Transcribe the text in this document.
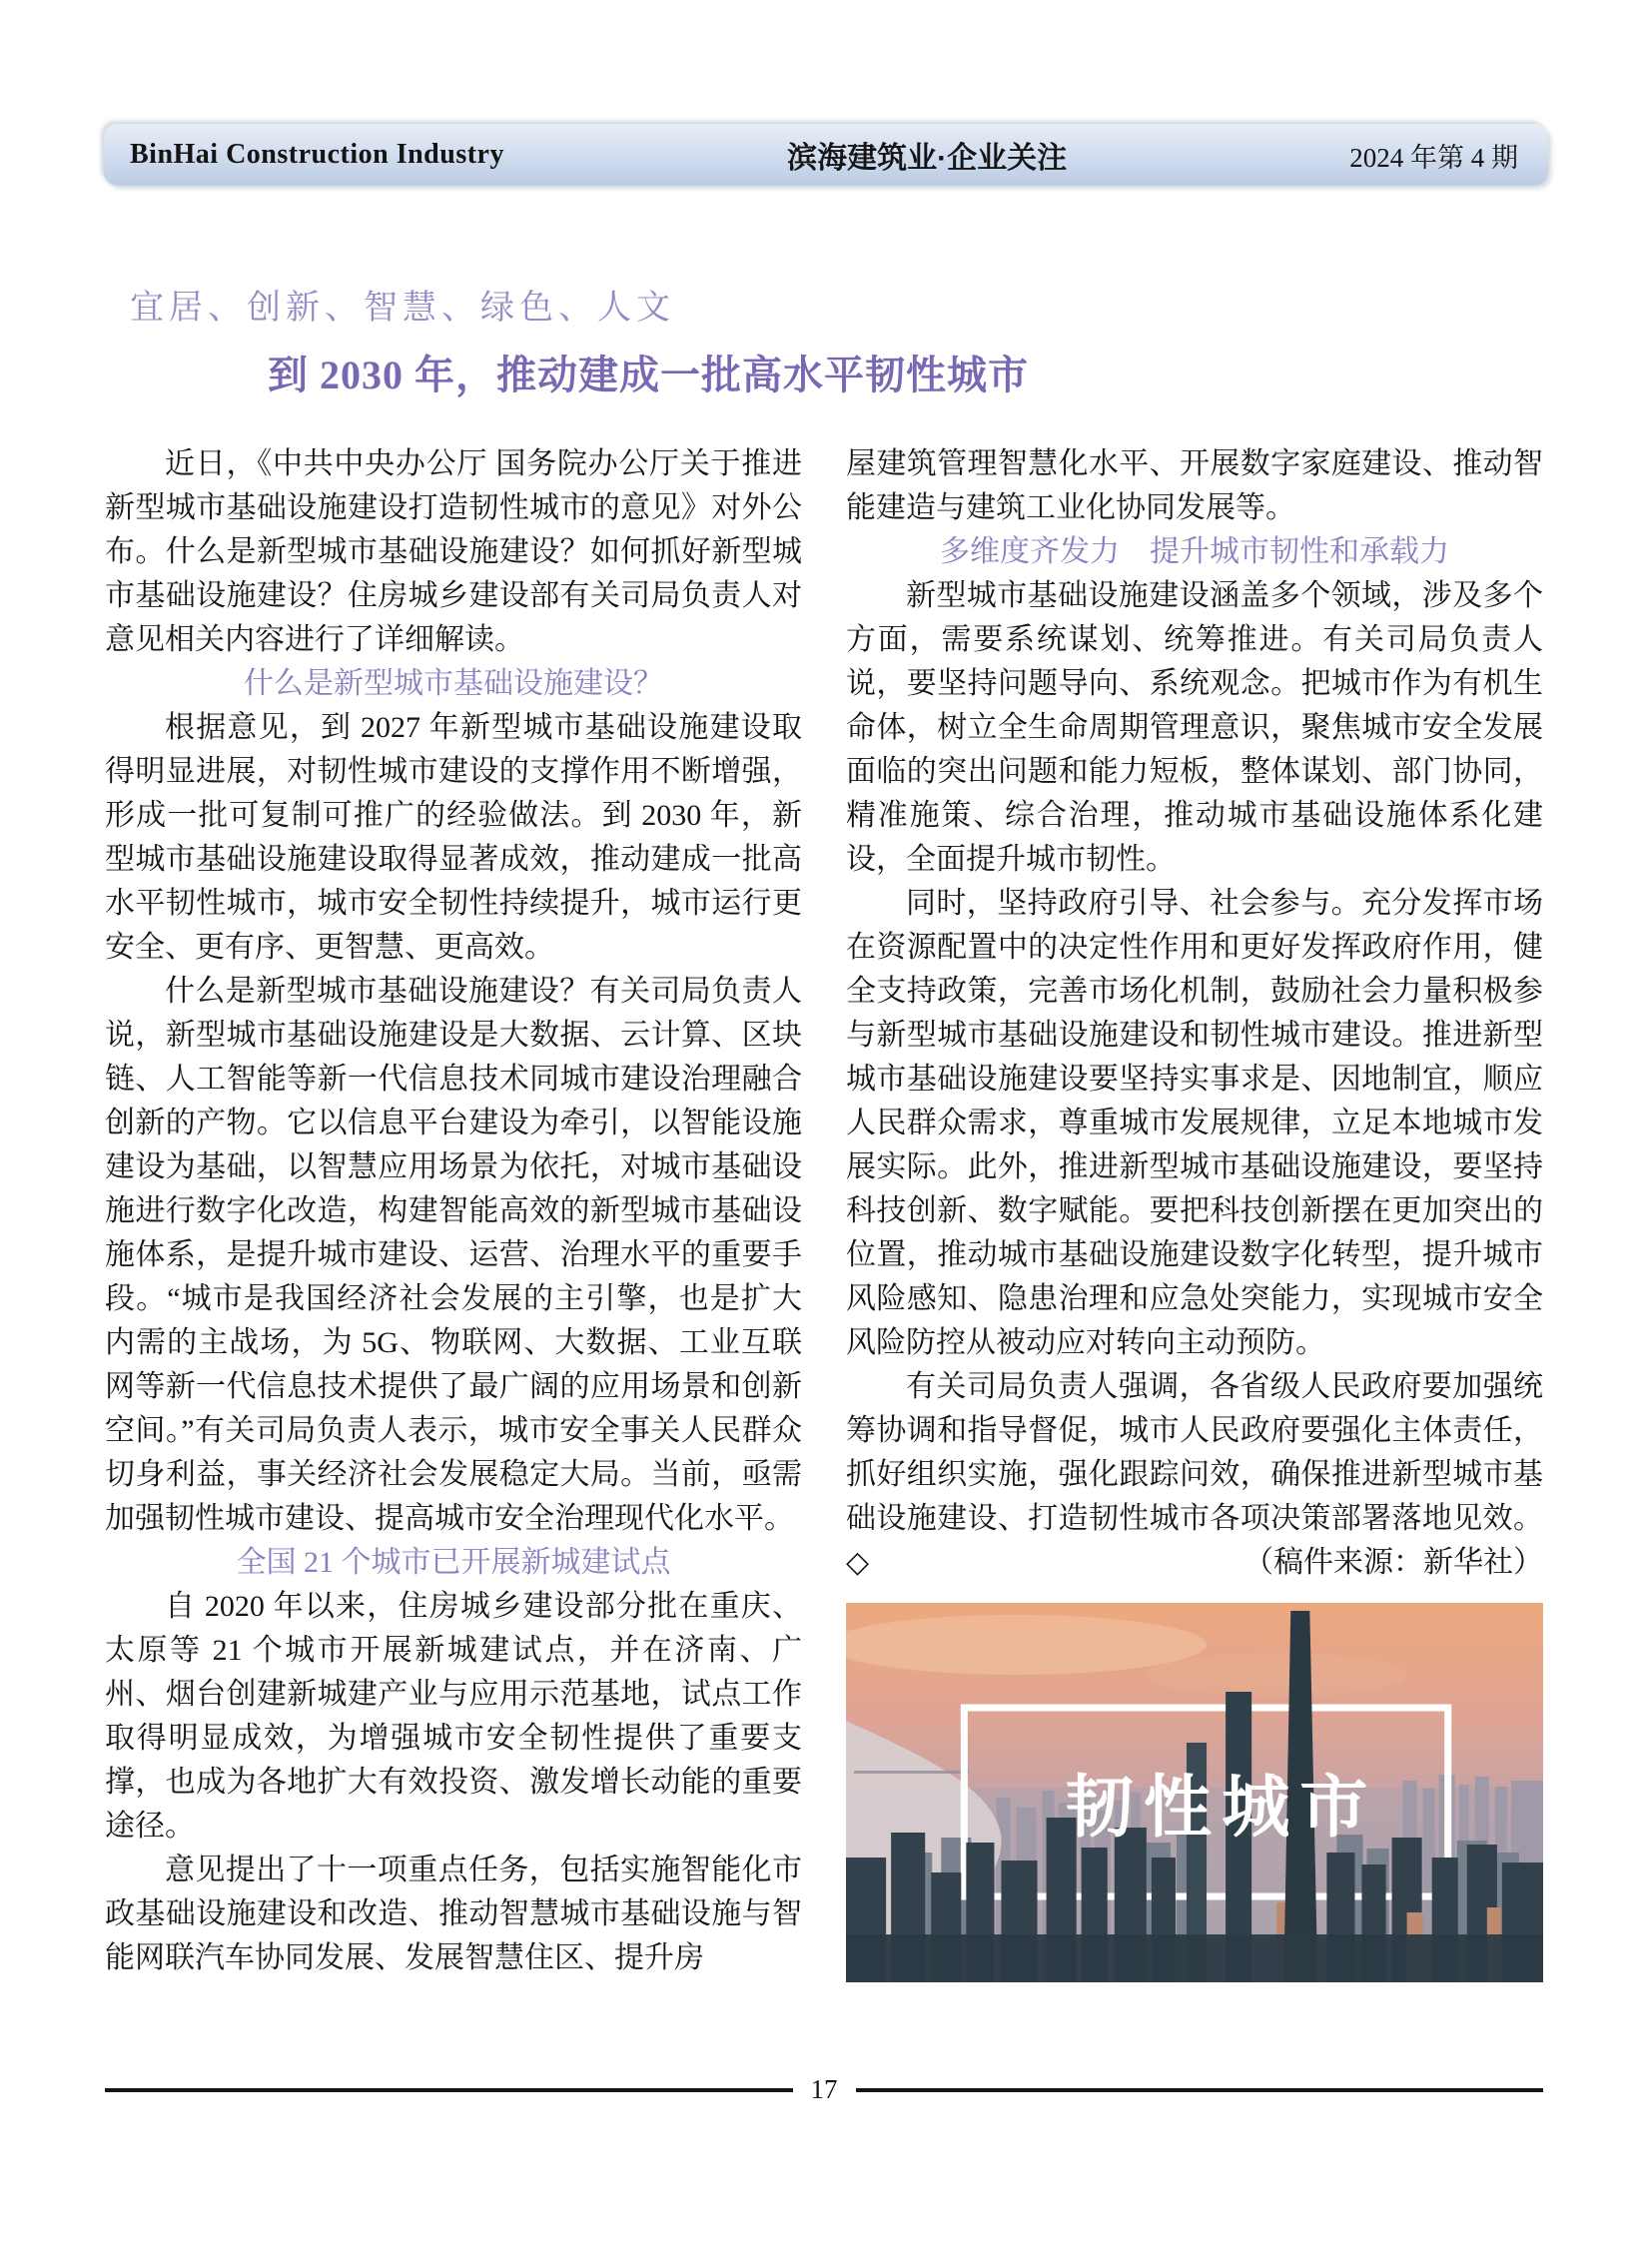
BinHai Construction Industry	滨海建筑业·企业关注	2024 年第 4 期
宜居、创新、智慧、绿色、人文
到 2030 年，推动建成一批高水平韧性城市

近日，《中共中央办公厅 国务院办公厅关于推进新型城市基础设施建设打造韧性城市的意见》对外公布。什么是新型城市基础设施建设？如何抓好新型城市基础设施建设？住房城乡建设部有关司局负责人对意见相关内容进行了详细解读。

什么是新型城市基础设施建设？

根据意见，到 2027 年新型城市基础设施建设取得明显进展，对韧性城市建设的支撑作用不断增强，形成一批可复制可推广的经验做法。到 2030 年，新型城市基础设施建设取得显著成效，推动建成一批高水平韧性城市，城市安全韧性持续提升，城市运行更安全、更有序、更智慧、更高效。

什么是新型城市基础设施建设？有关司局负责人说，新型城市基础设施建设是大数据、云计算、区块链、人工智能等新一代信息技术同城市建设治理融合创新的产物。它以信息平台建设为牵引，以智能设施建设为基础，以智慧应用场景为依托，对城市基础设施进行数字化改造，构建智能高效的新型城市基础设施体系，是提升城市建设、运营、治理水平的重要手段。“城市是我国经济社会发展的主引擎，也是扩大内需的主战场，为 5G、物联网、大数据、工业互联网等新一代信息技术提供了最广阔的应用场景和创新空间。”有关司局负责人表示，城市安全事关人民群众切身利益，事关经济社会发展稳定大局。当前，亟需加强韧性城市建设、提高城市安全治理现代化水平。

全国 21 个城市已开展新城建试点

自 2020 年以来，住房城乡建设部分批在重庆、太原等 21 个城市开展新城建试点，并在济南、广州、烟台创建新城建产业与应用示范基地，试点工作取得明显成效，为增强城市安全韧性提供了重要支撑，也成为各地扩大有效投资、激发增长动能的重要途径。

意见提出了十一项重点任务，包括实施智能化市政基础设施建设和改造、推动智慧城市基础设施与智能网联汽车协同发展、发展智慧住区、提升房

屋建筑管理智慧化水平、开展数字家庭建设、推动智能建造与建筑工业化协同发展等。

多维度齐发力　提升城市韧性和承载力

新型城市基础设施建设涵盖多个领域，涉及多个方面，需要系统谋划、统筹推进。有关司局负责人说，要坚持问题导向、系统观念。把城市作为有机生命体，树立全生命周期管理意识，聚焦城市安全发展面临的突出问题和能力短板，整体谋划、部门协同，精准施策、综合治理，推动城市基础设施体系化建设，全面提升城市韧性。

同时，坚持政府引导、社会参与。充分发挥市场在资源配置中的决定性作用和更好发挥政府作用，健全支持政策，完善市场化机制，鼓励社会力量积极参与新型城市基础设施建设和韧性城市建设。推进新型城市基础设施建设要坚持实事求是、因地制宜，顺应人民群众需求，尊重城市发展规律，立足本地城市发展实际。此外，推进新型城市基础设施建设，要坚持科技创新、数字赋能。要把科技创新摆在更加突出的位置，推动城市基础设施建设数字化转型，提升城市风险感知、隐患治理和应急处突能力，实现城市安全风险防控从被动应对转向主动预防。

有关司局负责人强调，各省级人民政府要加强统筹协调和指导督促，城市人民政府要强化主体责任，抓好组织实施，强化跟踪问效，确保推进新型城市基础设施建设、打造韧性城市各项决策部署落地见效。◇	（稿件来源：新华社）

韧性城市
17
